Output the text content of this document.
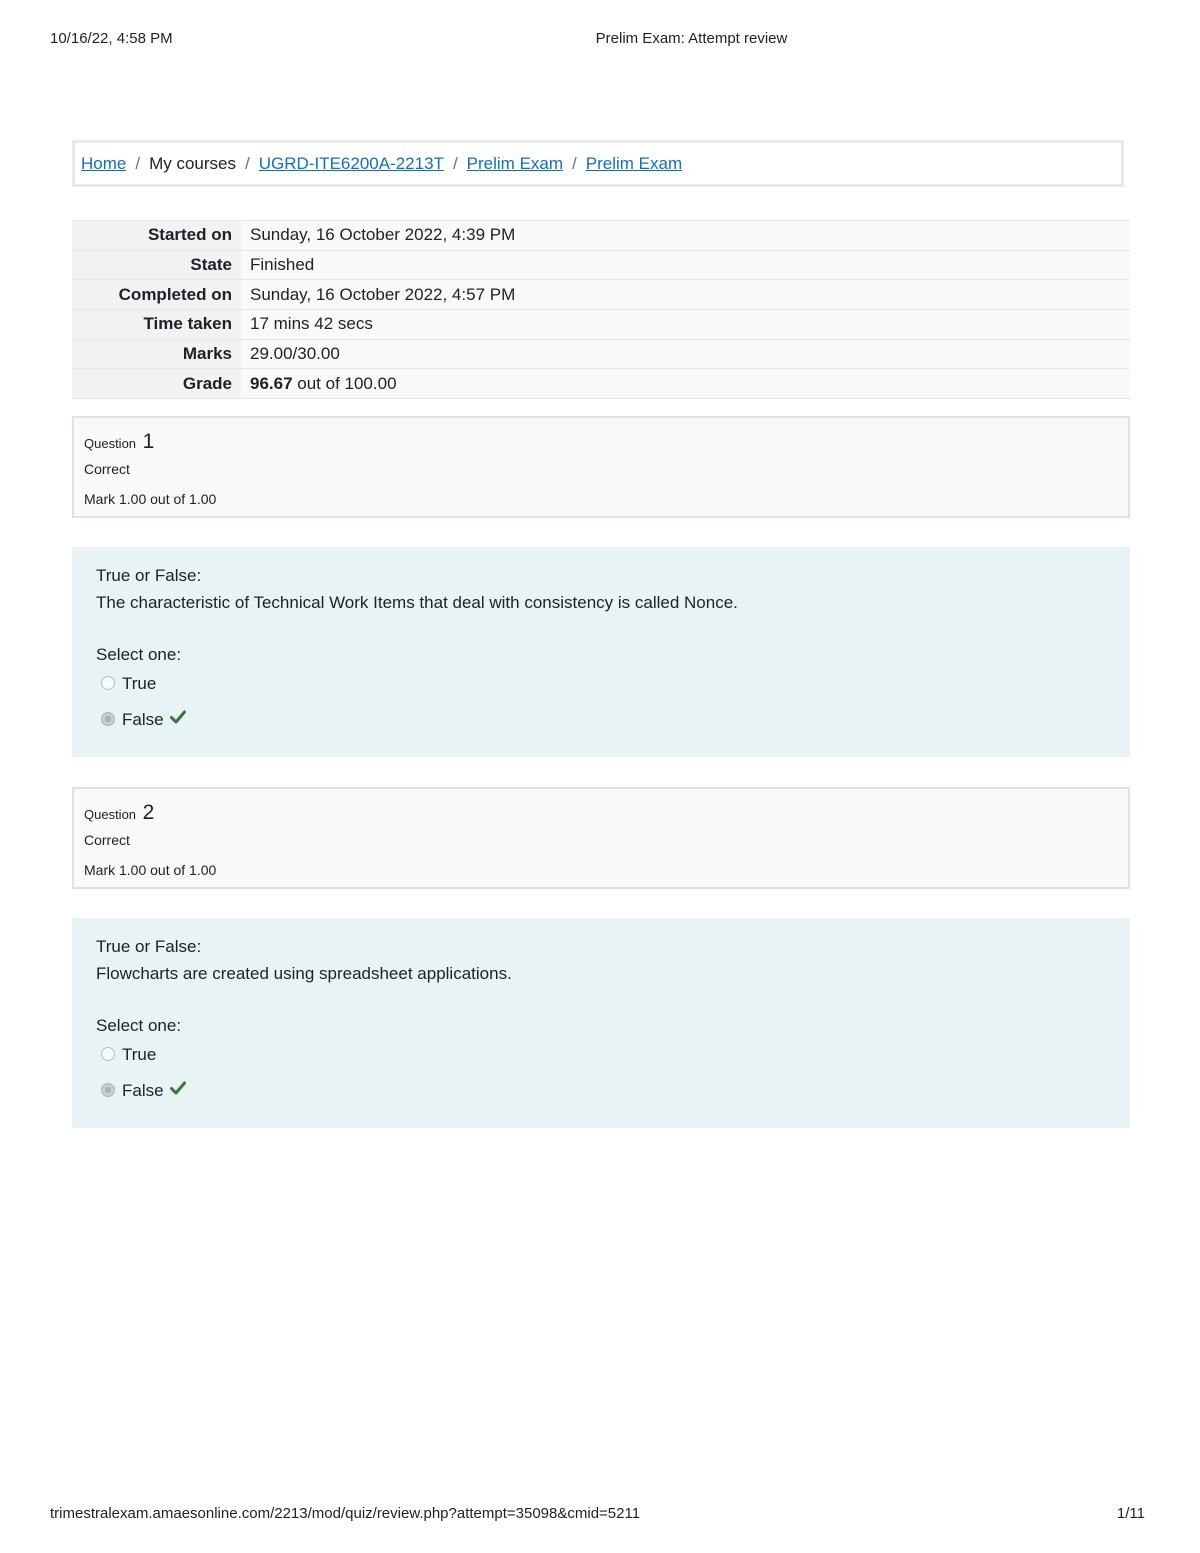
10/16/22, 4:58 PM	Prelim Exam: Attempt review
Home / My courses / UGRD-ITE6200A-2213T / Prelim Exam / Prelim Exam
Started on	Sunday, 16 October 2022, 4:39 PM
State	Finished
Completed on	Sunday, 16 October 2022, 4:57 PM
Time taken	17 mins 42 secs
Marks	29.00/30.00
Grade	96.67 out of 100.00
Question 1
Correct
Mark 1.00 out of 1.00
True or False:
The characteristic of Technical Work Items that deal with consistency is called Nonce.
Select one:
True
False
Question 2
Correct
Mark 1.00 out of 1.00
True or False:
Flowcharts are created using spreadsheet applications.
Select one:
True
False
trimestralexam.amaesonline.com/2213/mod/quiz/review.php?attempt=35098&cmid=5211	1/11
